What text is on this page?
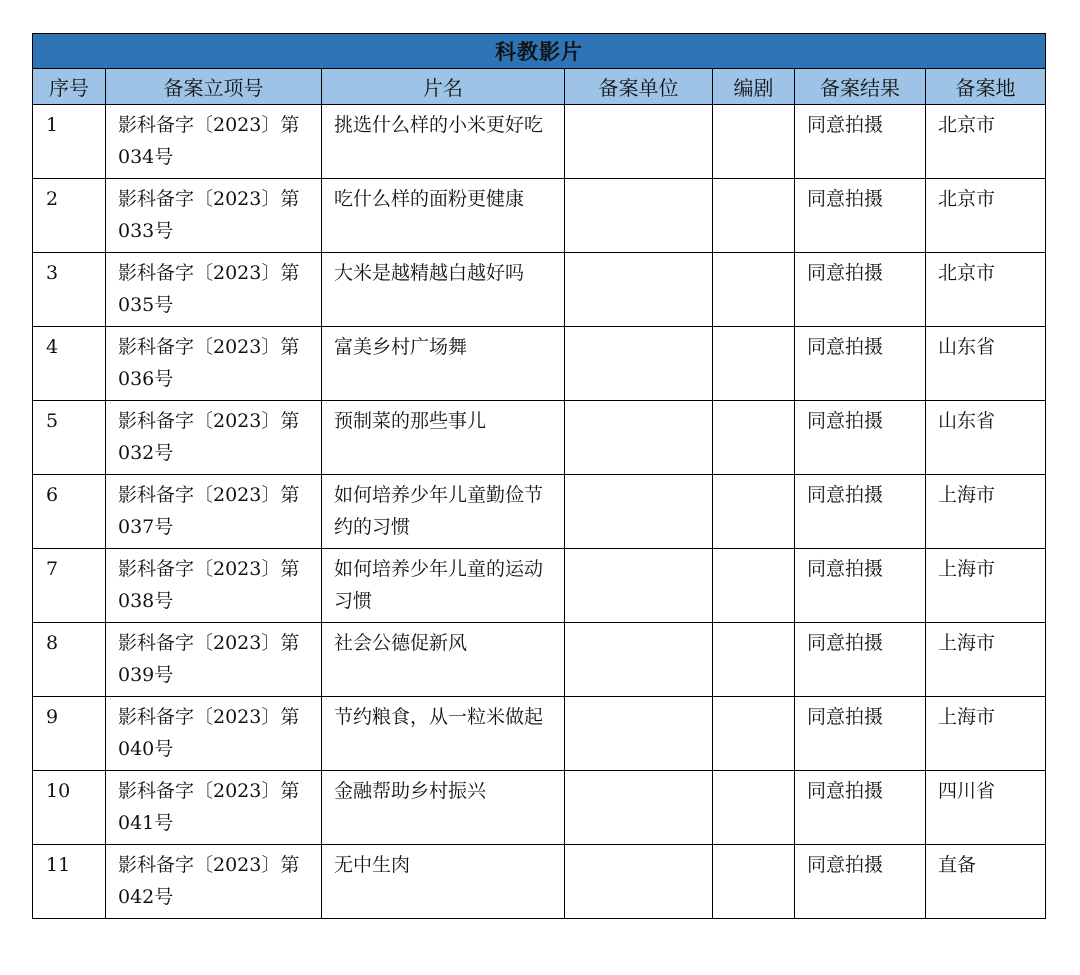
科教影片						
序号	备案立项号	片名	备案单位	编剧	备案结果	备案地
1	影科备字〔2023〕第034号	挑选什么样的小米更好吃			同意拍摄	北京市
2	影科备字〔2023〕第033号	吃什么样的面粉更健康			同意拍摄	北京市
3	影科备字〔2023〕第035号	大米是越精越白越好吗			同意拍摄	北京市
4	影科备字〔2023〕第036号	富美乡村广场舞			同意拍摄	山东省
5	影科备字〔2023〕第032号	预制菜的那些事儿			同意拍摄	山东省
6	影科备字〔2023〕第037号	如何培养少年儿童勤俭节约的习惯			同意拍摄	上海市
7	影科备字〔2023〕第038号	如何培养少年儿童的运动习惯			同意拍摄	上海市
8	影科备字〔2023〕第039号	社会公德促新风			同意拍摄	上海市
9	影科备字〔2023〕第040号	节约粮食，从一粒米做起			同意拍摄	上海市
10	影科备字〔2023〕第041号	金融帮助乡村振兴			同意拍摄	四川省
11	影科备字〔2023〕第042号	无中生肉			同意拍摄	直备
